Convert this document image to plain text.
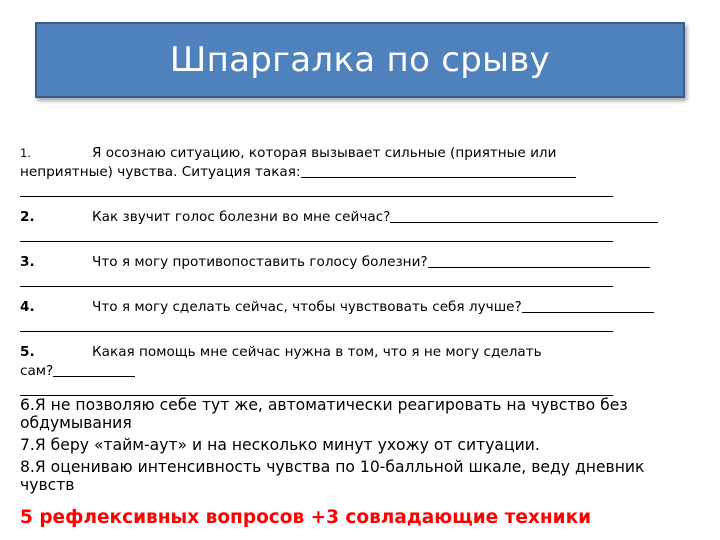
Шпаргалка по срыву
1.	Я осознаю ситуацию, которая вызывает сильные (приятные или
неприятные) чувства. Ситуация такая:
2.	Как звучит голос болезни во мне сейчас?
3.	Что я могу противопоставить голосу болезни?
4.	Что я могу сделать сейчас, чтобы чувствовать себя лучше?
5.	Какая помощь мне сейчас нужна в том, что я не могу сделать
сам?

6.Я не позволяю себе тут же, автоматически реагировать на чувство без обдумывания

7.Я беру «тайм-аут» и на несколько минут ухожу от ситуации.

8.Я оцениваю интенсивность чувства по 10-балльной шкале, веду дневник чувств

5 рефлексивных вопросов +3 совладающие техники
